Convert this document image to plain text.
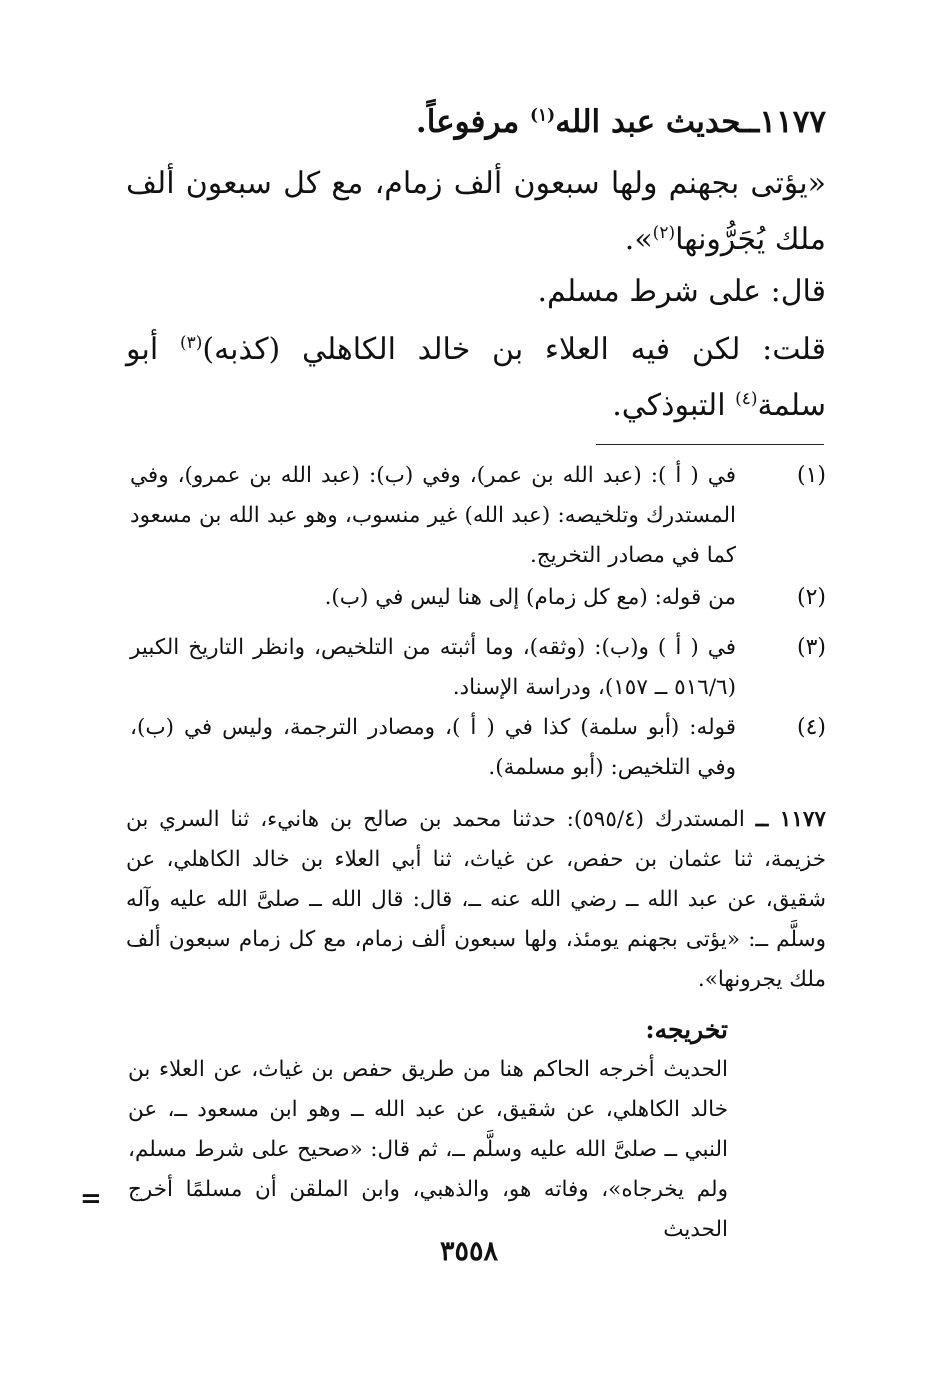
١١٧٧ــحديث عبد الله$^{(١)}$ مرفوعاً.
«يؤتى بجهنم ولها سبعون ألف زمام، مع كل سبعون ألف ملك يُجَرُّونها$^{(٢)}$».
قال: على شرط مسلم.
قلت: لكن فيه العلاء بن خالد الكاهلي (كذبه)$^{(٣)}$ أبو سلمة$^{(٤)}$ التبوذكي.
(١)
في ( أ ): (عبد الله بن عمر)، وفي (ب): (عبد الله بن عمرو)، وفي المستدرك وتلخيصه: (عبد الله) غير منسوب، وهو عبد الله بن مسعود كما في مصادر التخريج.
(٢)
من قوله: (مع كل زمام) إلى هنا ليس في (ب).
(٣)
في ( أ ) و(ب): (وثقه)، وما أثبته من التلخيص، وانظر التاريخ الكبير (٥١٦/٦ ــ ١٥٧)، ودراسة الإسناد.
(٤)
قوله: (أبو سلمة) كذا في ( أ )، ومصادر الترجمة، وليس في (ب)، وفي التلخيص: (أبو مسلمة).
١١٧٧ ــ المستدرك (٥٩٥/٤): حدثنا محمد بن صالح بن هانيء، ثنا السري بن خزيمة، ثنا عثمان بن حفص، عن غياث، ثنا أبي العلاء بن خالد الكاهلي، عن شقيق، عن عبد الله ــ رضي الله عنه ــ، قال: قال الله ــ صلىَّ الله عليه وآله وسلَّم ــ: «يؤتى بجهنم يومئذ، ولها سبعون ألف زمام، مع كل زمام سبعون ألف ملك يجرونها».
تخريجه:
الحديث أخرجه الحاكم هنا من طريق حفص بن غياث، عن العلاء بن خالد الكاهلي، عن شقيق، عن عبد الله ــ وهو ابن مسعود ــ، عن النبي ــ صلىَّ الله عليه وسلَّم ــ، ثم قال: «صحيح على شرط مسلم، ولم يخرجاه»، وفاته هو، والذهبي، وابن الملقن أن مسلمًا أخرج الحديث
=
٣٥٥٨
